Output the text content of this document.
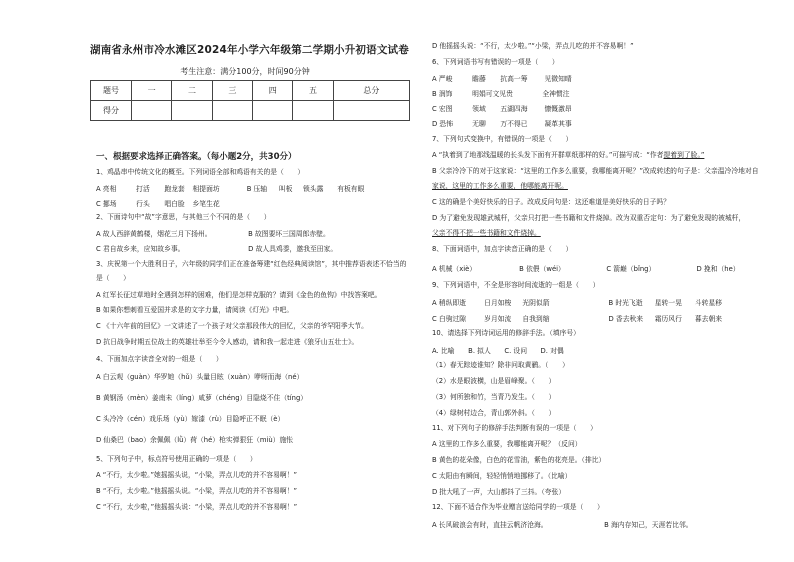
湖南省永州市冷水滩区2024年小学六年级第二学期小升初语文试卷
考生注意：满分100分，时间90分钟
题号	一	二	三	四	五	总分
得分						
一、根据要求选择正确答案。（每小题2分，共30分）
1、鸡晶串中传统文化的概至。下列词语全部和鸡语有关的是（　　）
A 亮相	打活 跑龙套 相提面坊	B 压轴 叫板 锁头露 有板有眼
C 挪场	行头 唱白脸 乡笔生花
2、下面诗句中“故”字意思，与其他三个不同的是（　　）
A 故人西辞黄鹤楼，烟花三月下扬州。	B 故图要坏三国周郎赤壁。
C 君自故乡来，应知故乡事。	D 故人具鸡黍，邀我至田家。
3、庆祝第一个大胜利日子，六年级的同学们正在准备筹建“红色经典阅读馆”，其中推荐语表述不恰当的
是（　　）
A 红军长征过草地时全遇到怎样的困难，他们是怎样克服的？请到《金色的鱼钩》中找答案吧。
B 如果你想刺看互爱国并求是的文字力量，请阅读《灯光》中吧。
C 《十六年前的回忆》一文讲述了一个孩子对父亲那段伟大的回忆，父亲的爷罕阳季大节。
D 抗日战争时期五位战士的英雄壮举至今令人感动，请和我一起走进《狼牙山五壮士》。
4、下面加点字读音全对的一组是（　　）
A 白云观（guàn）华罗她（hǔ）头量目眩（xuàn）咿呀而海（né）
B 黄钢汤（mèn）姜南未（líng）咸萝（chéng）目隐烧不住（tíng）
C 头冷冷（cén）戏乐场（yù）嫁漆（rù）目隐呼正不眠（è）
D 仙桑巴（bao）余佩佩（lǜ）荷（hé）枪实弹狠狂（miù）施怅
5、下列句子中，标点符号使用正确的一项是（　　）
A “不行，太少啦。”她摇摇头说，“小梁，弄点儿吃的并不容易啊！”
B “不行，太少啦。”他摇摇头说。“小梁，弄点儿吃的并不容易啊！”
C “不行，太少啦，”他摇摇头说：“小梁，弄点儿吃的并不容易啊！”
D 他摇摇头说：“不行，太少啦。”“小梁，弄点儿吃的并不容易啊！”
6、下列词语书写有错误的一项是（　　）
A 严峻	瞻藤 抗高一筹 见微知晴
B 润饰	明娟可文见贵	全神惯注
C 宏图	领域 五湖四海 慷慨激昂
D 恐怖	无聊 万不得已 凝革其事
7、下列句式变换中，有错误的一项是（　　）
A “执着到了地那线温暖的长头发下面有开群草纸那样的好。”可描写成：“作者提着到了脸。”
B 父亲冷冷下的对于这家说：“这里的工作多么重要，我哪能离开呢？”改成转述的句子是：父亲温冷冷地对自
家说，这里的工作多么重要，他哪能离开呢。
C 这的确是个美好快乐的日子。改成反问句是：这还难道是美好快乐的日子吗？
D 为了避免发现雄武城杆，父亲只打把一些书籍和文件烧掉。改为双重否定句：为了避免发现的被城杆，
父亲不得不把一些书籍和文件烧掉。
8、下面词语中，加点字读音正确的是（　　）
A 机械（xiè）	B 依偎（wéi）	C 箭巅（bǐng）	D 挽和（he）
9、下列词语中，不全是形容时间流逝的一组是（　　）
A 稍纵即逝	日月如梭 光阴似箭	B 时光飞逝 星转一晃 斗转星移
C 白驹过隙	岁月如流 自我到缩	D 香去秋来 霜历风行 暮去朝来
10、请选择下列诗词运用的修辞手法。（填序号）
A. 比喻 B. 拟人 C. 设问 D. 对偶
（1）春无踪迹谁知？除非问取黄鹂。（　　）
（2）水是眼波横，山是眉峰聚。（　　）
（3）何所独和竹，当青乃发生。（　　）
（4）绿树村边合，青山郭外斜。（　　）
11、对下列句子的修辞手法判断有误的一项是（　　）
A 这里的工作多么重要，我哪能离开呢？（反问）
B 黄色的花朵像，白色的花雪油，紫色的花亮是。（排比）
C 太阳由有瞬间，轻轻悄悄地挪移了。（比喻）
D 批大吼了一声，大山都抖了三抖。（夸张）
12、下面不适合作为毕业赠言送给同学的一项是（　　）
A 长风破浪会有时，直挂云帆济沧海。	B 海内存知己，天涯若比邻。
